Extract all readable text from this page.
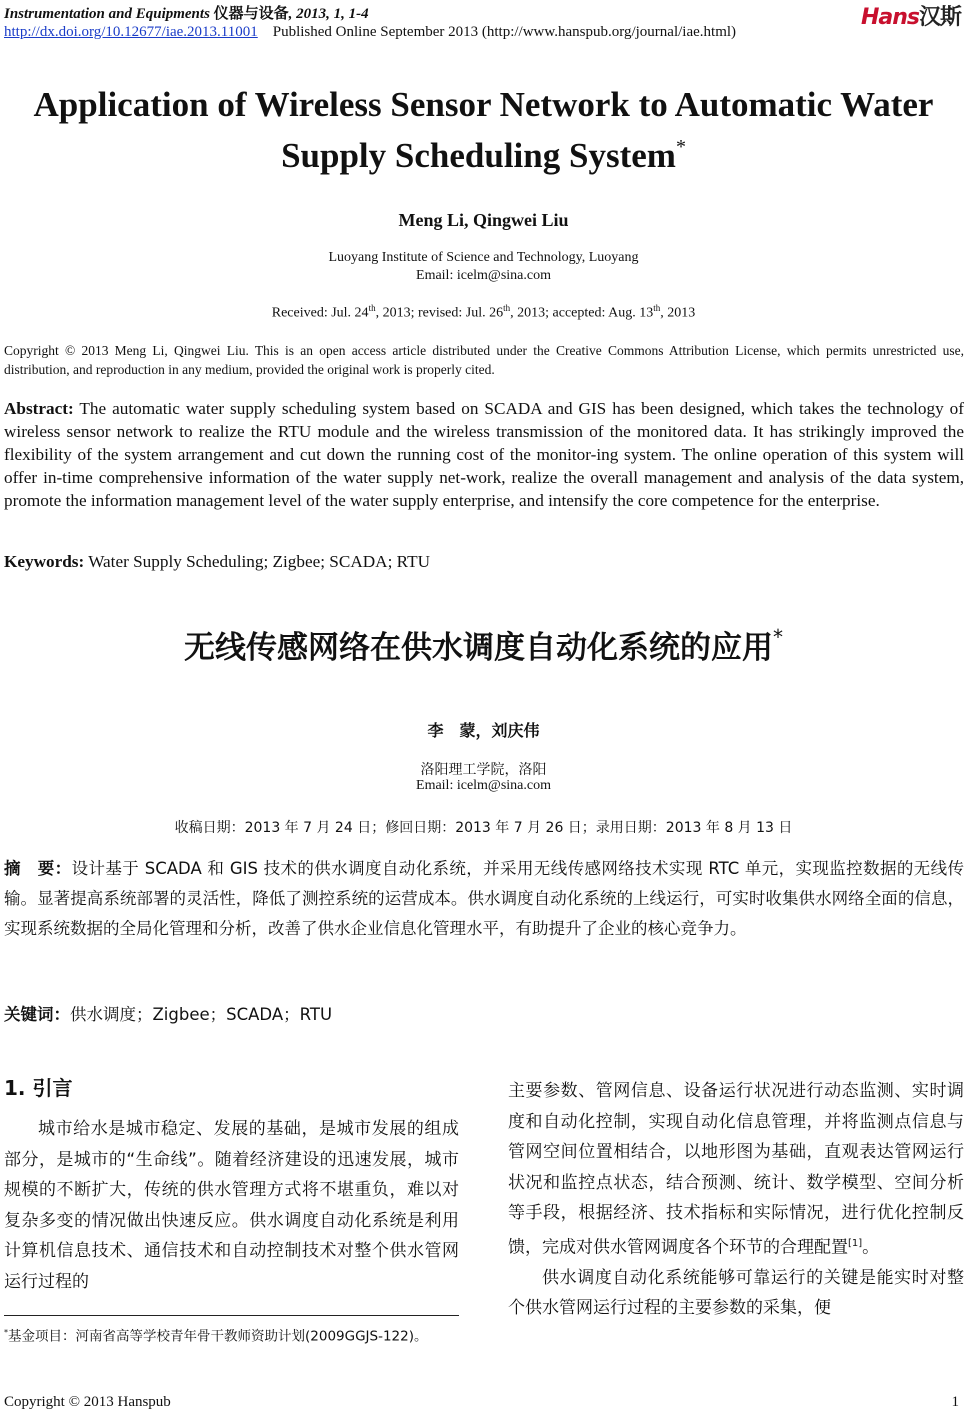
Instrumentation and Equipments 仪器与设备, 2013, 1, 1-4
http://dx.doi.org/10.12677/iae.2013.11001 Published Online September 2013 (http://www.hanspub.org/journal/iae.html)
Hans汉斯
Application of Wireless Sensor Network to Automatic Water
Supply Scheduling System*
Meng Li, Qingwei Liu
Luoyang Institute of Science and Technology, Luoyang
Email: icelm@sina.com
Received: Jul. 24th, 2013; revised: Jul. 26th, 2013; accepted: Aug. 13th, 2013
Copyright © 2013 Meng Li, Qingwei Liu. This is an open access article distributed under the Creative Commons Attribution License, which permits unrestricted use, distribution, and reproduction in any medium, provided the original work is properly cited.
Abstract: The automatic water supply scheduling system based on SCADA and GIS has been designed, which takes the technology of wireless sensor network to realize the RTU module and the wireless transmission of the monitored data. It has strikingly improved the flexibility of the system arrangement and cut down the running cost of the monitor-ing system. The online operation of this system will offer in-time comprehensive information of the water supply net-work, realize the overall management and analysis of the data system, promote the information management level of the water supply enterprise, and intensify the core competence for the enterprise.
Keywords: Water Supply Scheduling; Zigbee; SCADA; RTU
无线传感网络在供水调度自动化系统的应用*
李　蒙，刘庆伟
洛阳理工学院，洛阳
Email: icelm@sina.com
收稿日期：2013 年 7 月 24 日；修回日期：2013 年 7 月 26 日；录用日期：2013 年 8 月 13 日
摘　要：设计基于 SCADA 和 GIS 技术的供水调度自动化系统，并采用无线传感网络技术实现 RTC 单元，实现监控数据的无线传输。显著提高系统部署的灵活性，降低了测控系统的运营成本。供水调度自动化系统的上线运行，可实时收集供水网络全面的信息，实现系统数据的全局化管理和分析，改善了供水企业信息化管理水平，有助提升了企业的核心竞争力。
关键词：供水调度；Zigbee；SCADA；RTU
1. 引言

城市给水是城市稳定、发展的基础，是城市发展的组成部分，是城市的“生命线”。随着经济建设的迅速发展，城市规模的不断扩大，传统的供水管理方式将不堪重负，难以对复杂多变的情况做出快速反应。供水调度自动化系统是利用计算机信息技术、通信技术和自动控制技术对整个供水管网运行过程的

主要参数、管网信息、设备运行状况进行动态监测、实时调度和自动化控制，实现自动化信息管理，并将监测点信息与管网空间位置相结合，以地形图为基础，直观表达管网运行状况和监控点状态，结合预测、统计、数学模型、空间分析等手段，根据经济、技术指标和实际情况，进行优化控制反馈，完成对供水管网调度各个环节的合理配置[1]。

供水调度自动化系统能够可靠运行的关键是能实时对整个供水管网运行过程的主要参数的采集，便

*基金项目：河南省高等学校青年骨干教师资助计划(2009GGJS-122)。
Copyright © 2013 Hanspub	1
